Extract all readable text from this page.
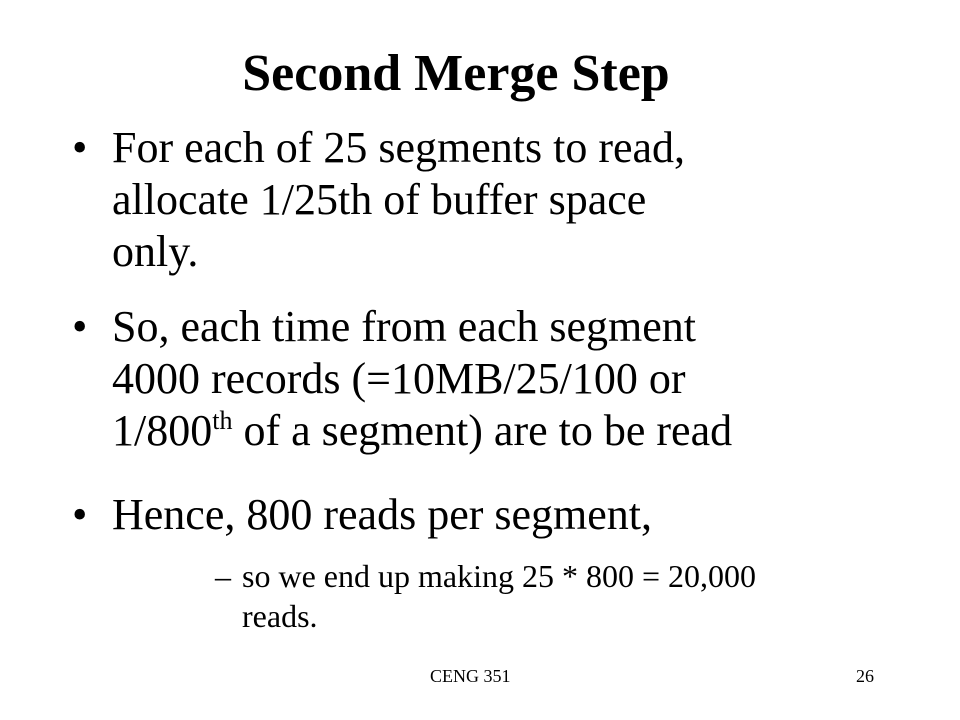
Second Merge Step
• For each of 25 segments to read,
allocate 1/25th of buffer space
only.
• So, each time from each segment
4000 records (=10MB/25/100 or
1/800th of a segment) are to be read
• Hence, 800 reads per segment,
– so we end up making 25 * 800 = 20,000
reads.
CENG 351	26
